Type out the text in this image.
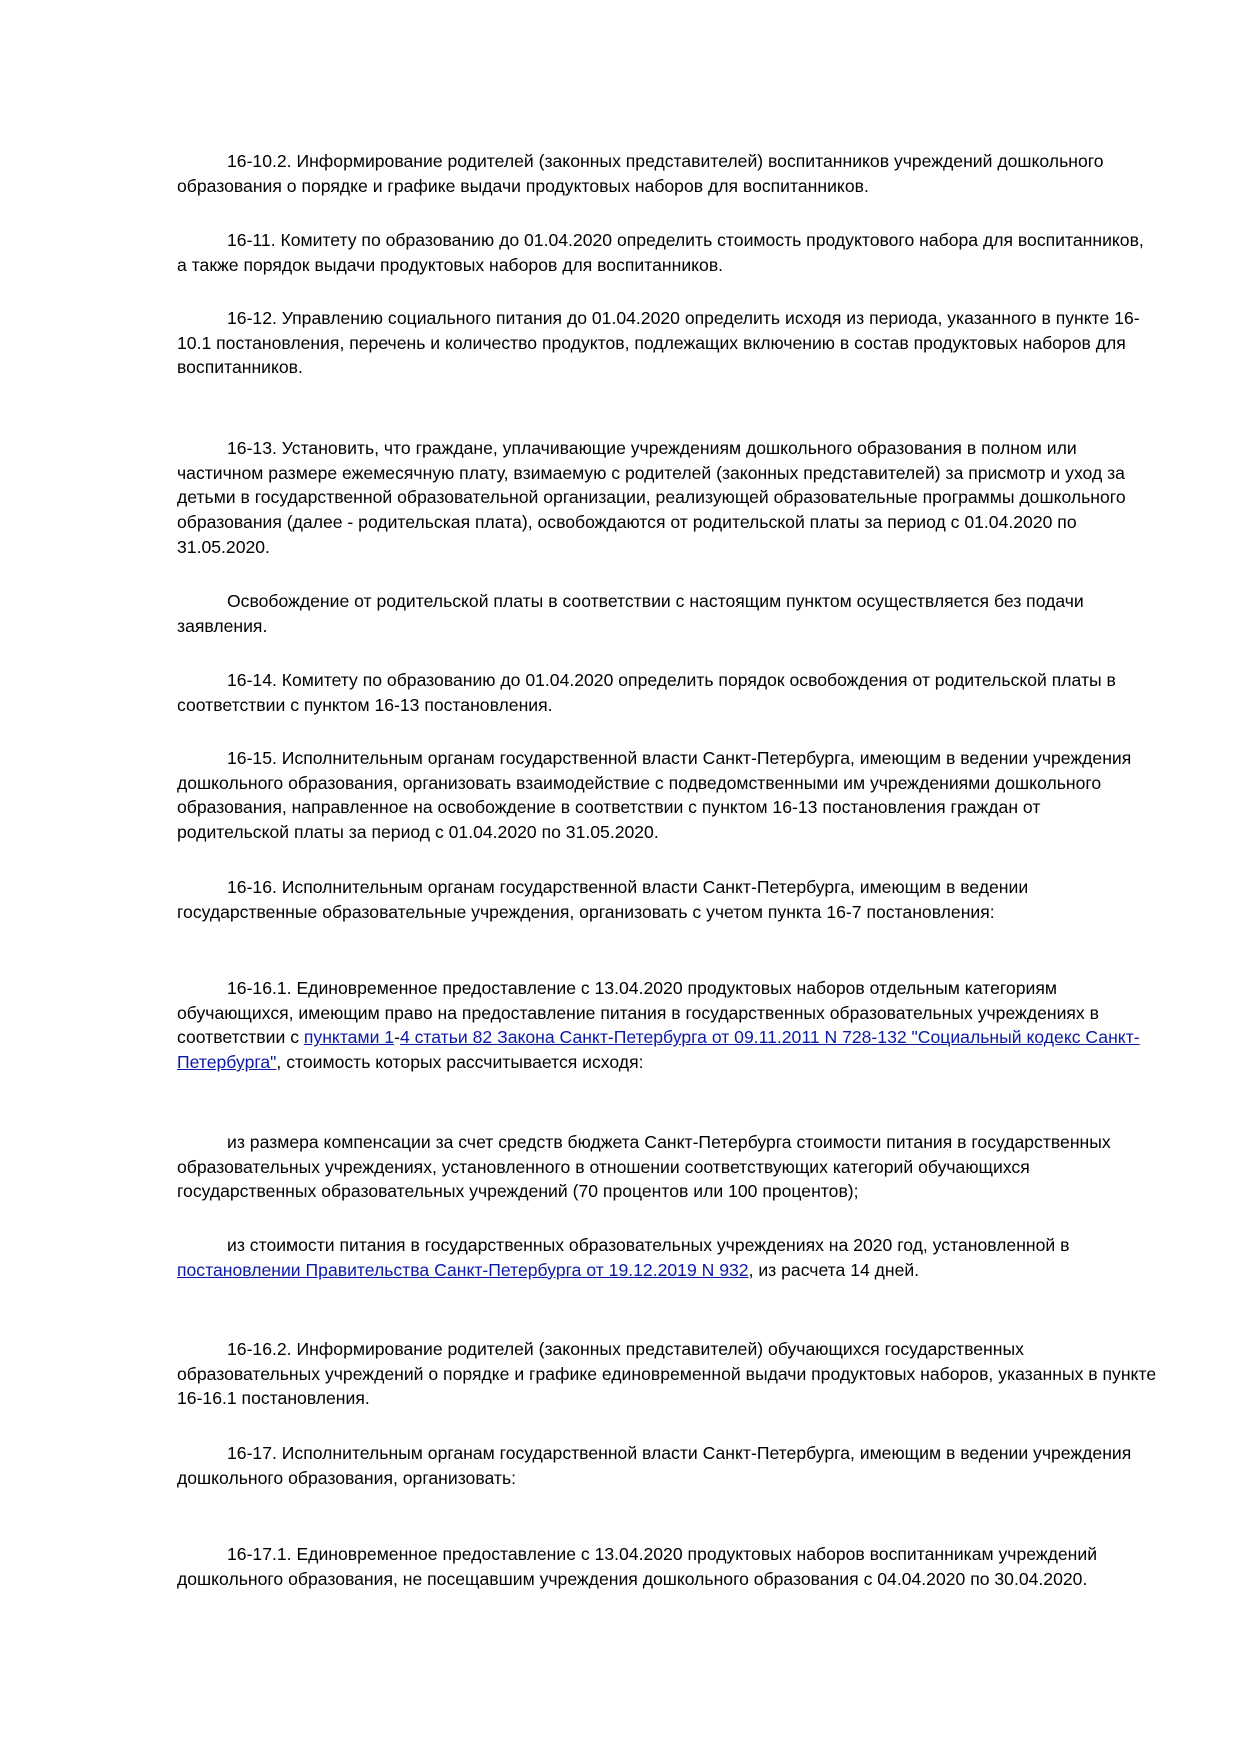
16-10.2. Информирование родителей (законных представителей) воспитанников учреждений дошкольного образования о порядке и графике выдачи продуктовых наборов для воспитанников.

16-11. Комитету по образованию до 01.04.2020 определить стоимость продуктового набора для воспитанников, а также порядок выдачи продуктовых наборов для воспитанников.

16-12. Управлению социального питания до 01.04.2020 определить исходя из периода, указанного в пункте 16-10.1 постановления, перечень и количество продуктов, подлежащих включению в состав продуктовых наборов для воспитанников.

16-13. Установить, что граждане, уплачивающие учреждениям дошкольного образования в полном или частичном размере ежемесячную плату, взимаемую с родителей (законных представителей) за присмотр и уход за детьми в государственной образовательной организации, реализующей образовательные программы дошкольного образования (далее - родительская плата), освобождаются от родительской платы за период с 01.04.2020 по 31.05.2020.

Освобождение от родительской платы в соответствии с настоящим пунктом осуществляется без подачи заявления.

16-14. Комитету по образованию до 01.04.2020 определить порядок освобождения от родительской платы в соответствии с пунктом 16-13 постановления.

16-15. Исполнительным органам государственной власти Санкт-Петербурга, имеющим в ведении учреждения дошкольного образования, организовать взаимодействие с подведомственными им учреждениями дошкольного образования, направленное на освобождение в соответствии с пунктом 16-13 постановления граждан от родительской платы за период с 01.04.2020 по 31.05.2020.

16-16. Исполнительным органам государственной власти Санкт-Петербурга, имеющим в ведении государственные образовательные учреждения, организовать с учетом пункта 16-7 постановления:

16-16.1. Единовременное предоставление с 13.04.2020 продуктовых наборов отдельным категориям обучающихся, имеющим право на предоставление питания в государственных образовательных учреждениях в соответствии с пунктами 1-4 статьи 82 Закона Санкт-Петербурга от 09.11.2011 N 728-132 "Социальный кодекс Санкт-Петербурга", стоимость которых рассчитывается исходя:

из размера компенсации за счет средств бюджета Санкт-Петербурга стоимости питания в государственных образовательных учреждениях, установленного в отношении соответствующих категорий обучающихся государственных образовательных учреждений (70 процентов или 100 процентов);

из стоимости питания в государственных образовательных учреждениях на 2020 год, установленной в постановлении Правительства Санкт-Петербурга от 19.12.2019 N 932, из расчета 14 дней.

16-16.2. Информирование родителей (законных представителей) обучающихся государственных образовательных учреждений о порядке и графике единовременной выдачи продуктовых наборов, указанных в пункте 16-16.1 постановления.

16-17. Исполнительным органам государственной власти Санкт-Петербурга, имеющим в ведении учреждения дошкольного образования, организовать:

16-17.1. Единовременное предоставление с 13.04.2020 продуктовых наборов воспитанникам учреждений дошкольного образования, не посещавшим учреждения дошкольного образования с 04.04.2020 по 30.04.2020.
